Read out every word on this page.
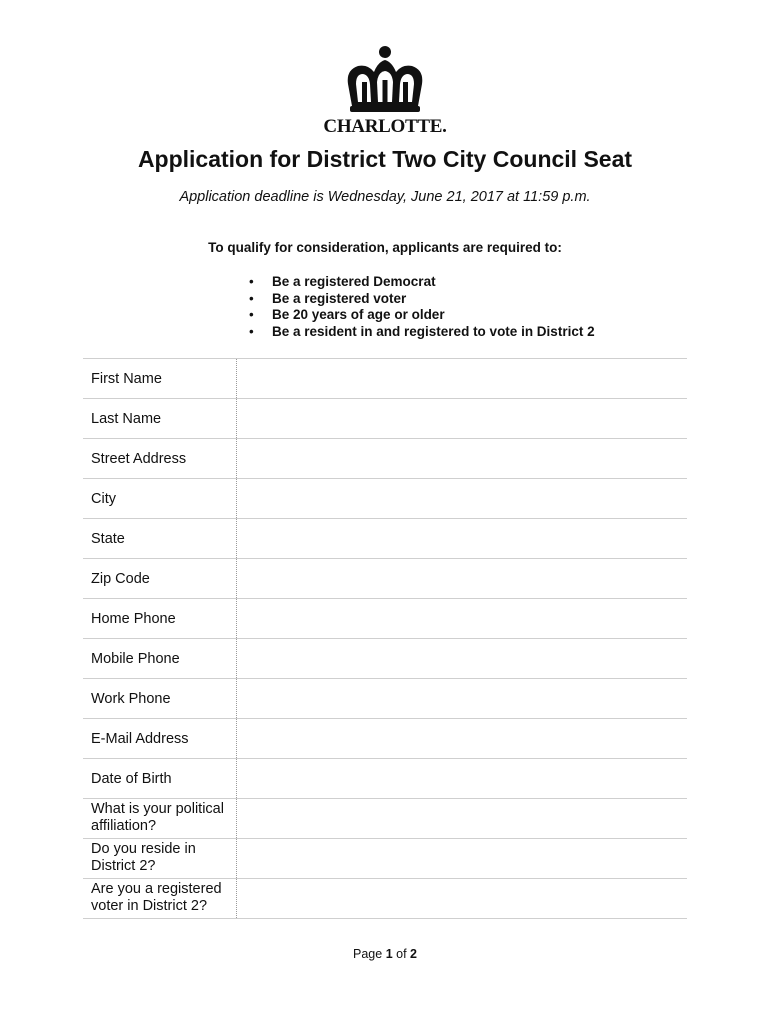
CHARLOTTE.
Application for District Two City Council Seat
Application deadline is Wednesday, June 21, 2017 at 11:59 p.m.
To qualify for consideration, applicants are required to:
• Be a registered Democrat
• Be a registered voter
• Be 20 years of age or older
• Be a resident in and registered to vote in District 2
First Name
Last Name
Street Address
City
State
Zip Code
Home Phone
Mobile Phone
Work Phone
E-Mail Address
Date of Birth
What is your political affiliation?
Do you reside in District 2?
Are you a registered voter in District 2?
Page 1 of 2
